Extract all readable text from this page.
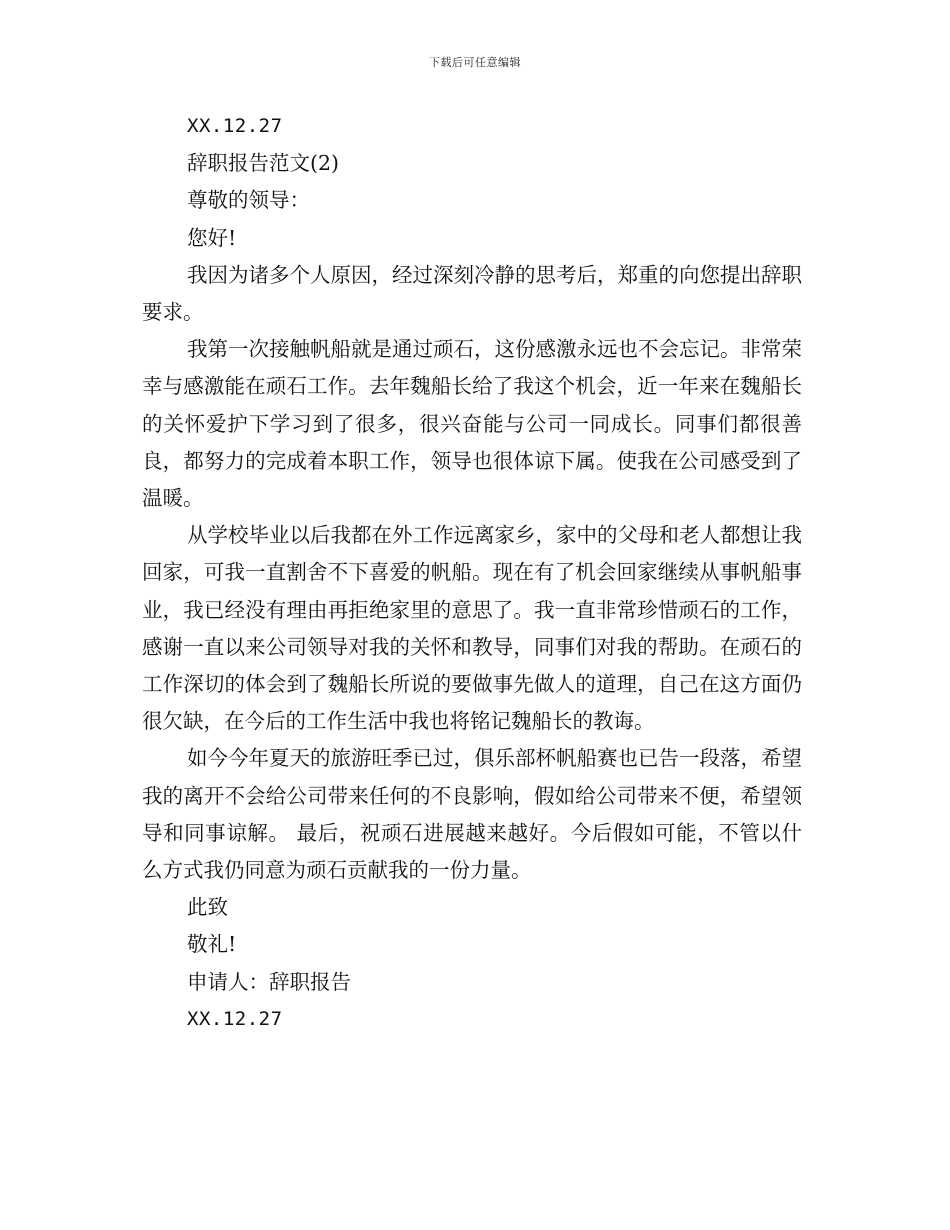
下载后可任意编辑

XX.12.27

辞职报告范文(2)

尊敬的领导：

您好!

我因为诸多个人原因，经过深刻冷静的思考后，郑重的向您提出辞职要求。

我第一次接触帆船就是通过顽石，这份感激永远也不会忘记。非常荣幸与感激能在顽石工作。去年魏船长给了我这个机会，近一年来在魏船长的关怀爱护下学习到了很多，很兴奋能与公司一同成长。同事们都很善良，都努力的完成着本职工作，领导也很体谅下属。使我在公司感受到了温暖。

从学校毕业以后我都在外工作远离家乡，家中的父母和老人都想让我回家，可我一直割舍不下喜爱的帆船。现在有了机会回家继续从事帆船事业，我已经没有理由再拒绝家里的意思了。我一直非常珍惜顽石的工作，感谢一直以来公司领导对我的关怀和教导，同事们对我的帮助。在顽石的工作深切的体会到了魏船长所说的要做事先做人的道理，自己在这方面仍很欠缺，在今后的工作生活中我也将铭记魏船长的教诲。

如今今年夏天的旅游旺季已过，俱乐部杯帆船赛也已告一段落，希望我的离开不会给公司带来任何的不良影响，假如给公司带来不便，希望领导和同事谅解。 最后，祝顽石进展越来越好。今后假如可能，不管以什么方式我仍同意为顽石贡献我的一份力量。

此致

敬礼!

申请人：辞职报告

XX.12.27
